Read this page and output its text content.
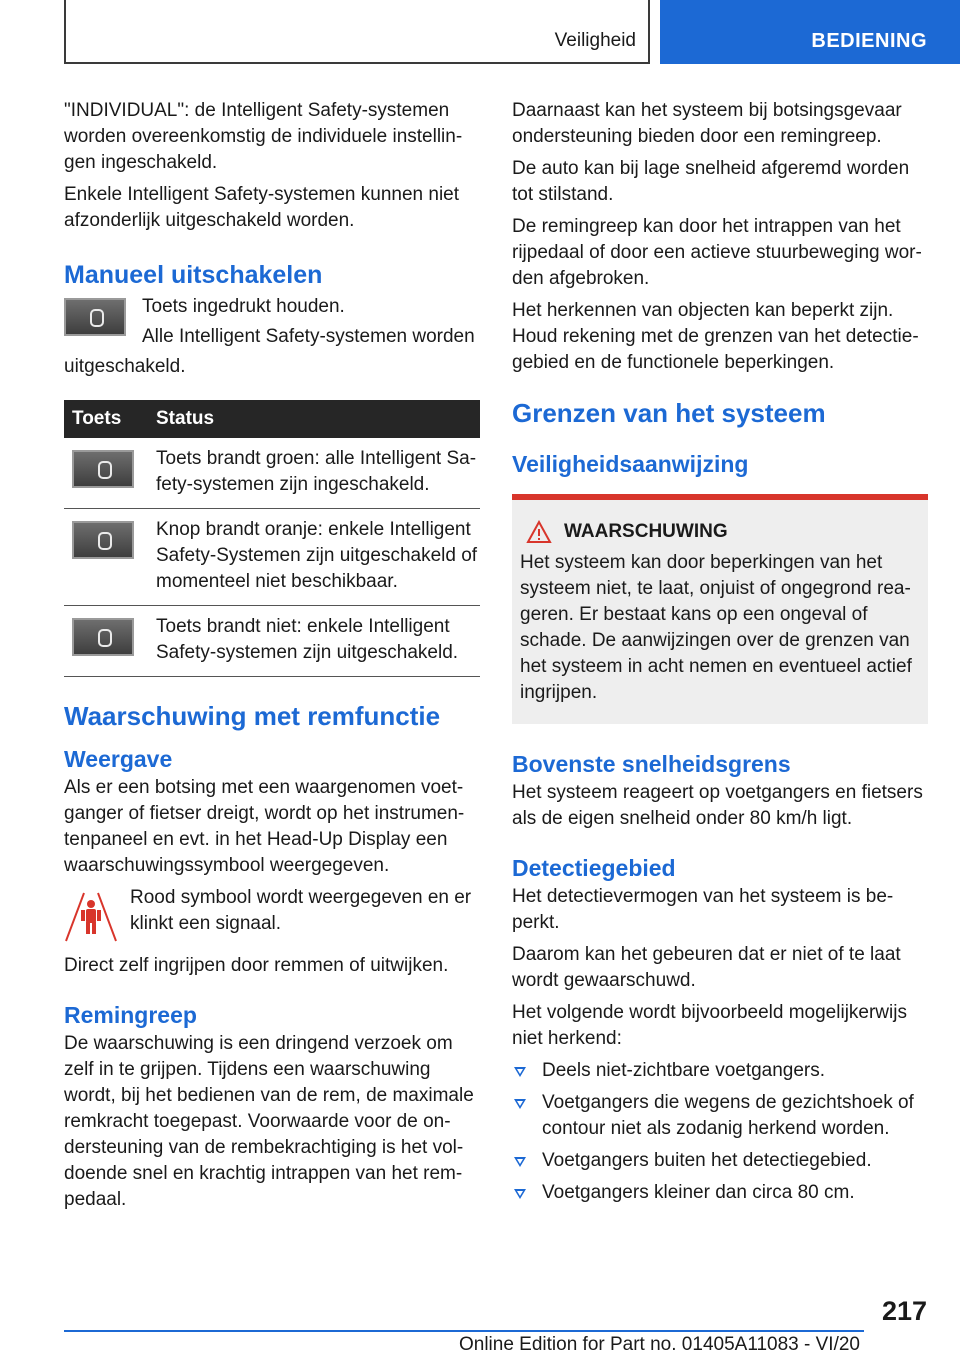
Veiligheid	BEDIENING

"INDIVIDUAL": de Intelligent Safety-systemen worden overeenkomstig de individuele instellin-gen ingeschakeld.

Enkele Intelligent Safety-systemen kunnen niet afzonderlijk uitgeschakeld worden.

Manueel uitschakelen

Toets ingedrukt houden.

Alle Intelligent Safety-systemen worden

uitgeschakeld.

Toets	Status

	Toets brandt groen: alle Intelligent Sa-fety-systemen zijn ingeschakeld.

	Knop brandt oranje: enkele Intelligent Safety-Systemen zijn uitgeschakeld of momenteel niet beschikbaar.

	Toets brandt niet: enkele Intelligent Safety-systemen zijn uitgeschakeld.
Waarschuwing met remfunctie
Weergave

Als er een botsing met een waargenomen voet-ganger of fietser dreigt, wordt op het instrumen-tenpaneel en evt. in het Head-Up Display een waarschuwingssymbool weergegeven.

Rood symbool wordt weergegeven en er klinkt een signaal.

Direct zelf ingrijpen door remmen of uitwijken.

Remingreep

De waarschuwing is een dringend verzoek om zelf in te grijpen. Tijdens een waarschuwing wordt, bij het bedienen van de rem, de maximale remkracht toegepast. Voorwaarde voor de on-dersteuning van de rembekrachtiging is het vol-doende snel en krachtig intrappen van het rem-pedaal.

Daarnaast kan het systeem bij botsingsgevaar ondersteuning bieden door een remingreep.

De auto kan bij lage snelheid afgeremd worden tot stilstand.

De remingreep kan door het intrappen van het rijpedaal of door een actieve stuurbeweging wor-den afgebroken.

Het herkennen van objecten kan beperkt zijn. Houd rekening met de grenzen van het detectie-gebied en de functionele beperkingen.

Grenzen van het systeem
Veiligheidsaanwijzing
WAARSCHUWING

Het systeem kan door beperkingen van het systeem niet, te laat, onjuist of ongegrond rea-geren. Er bestaat kans op een ongeval of schade. De aanwijzingen over de grenzen van het systeem in acht nemen en eventueel actief ingrijpen.

Bovenste snelheidsgrens

Het systeem reageert op voetgangers en fietsers als de eigen snelheid onder 80 km/h ligt.

Detectiegebied

Het detectievermogen van het systeem is be-perkt.

Daarom kan het gebeuren dat er niet of te laat wordt gewaarschuwd.

Het volgende wordt bijvoorbeeld mogelijkerwijs niet herkend:

Deels niet-zichtbare voetgangers.
Voetgangers die wegens de gezichtshoek of contour niet als zodanig herkend worden.
Voetgangers buiten het detectiegebied.
Voetgangers kleiner dan circa 80 cm.
217
Online Edition for Part no. 01405A11083 - VI/20
